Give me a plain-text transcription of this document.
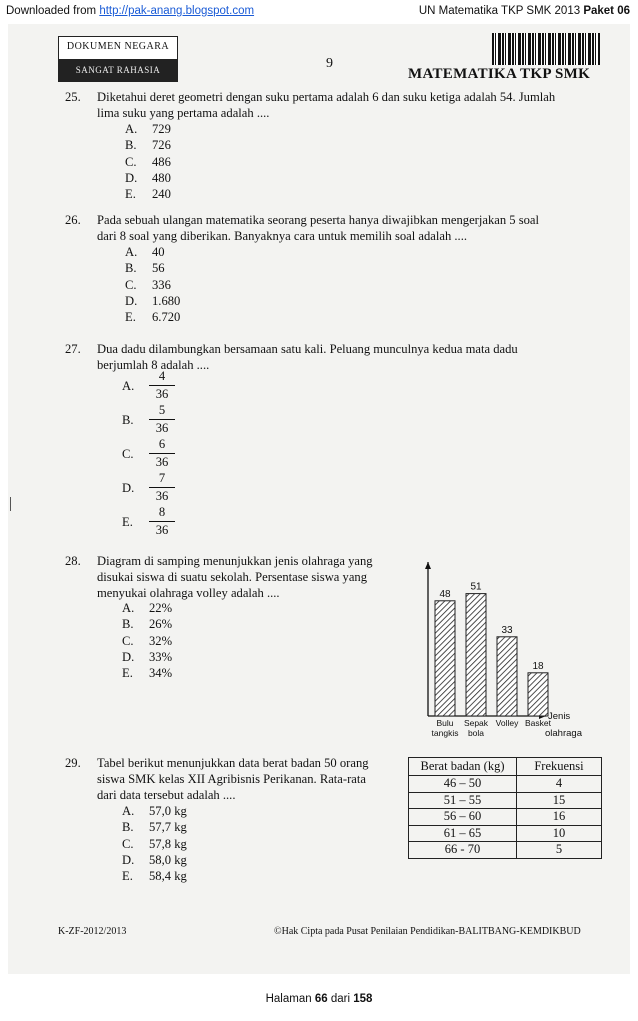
Downloaded from http://pak-anang.blogspot.com	UN Matematika TKP SMK 2013 Paket 06
DOKUMEN NEGARA
SANGAT RAHASIA	9
MATEMATIKA TKP SMK
25. Diketahui deret geometri dengan suku pertama adalah 6 dan suku ketiga adalah 54. Jumlah
lima suku yang pertama adalah ....
A. 729
B. 726
C. 486
D. 480
E. 240
26. Pada sebuah ulangan matematika seorang peserta hanya diwajibkan mengerjakan 5 soal
dari 8 soal yang diberikan. Banyaknya cara untuk memilih soal adalah ....
A. 40
B. 56
C. 336
D. 1.680
E. 6.720
27. Dua dadu dilambungkan bersamaan satu kali. Peluang munculnya kedua mata dadu
berjumlah 8 adalah ....
A.
4
36
B.
5
36
C.
6
36
D.
7
36
E.
8
36
28. Diagram di samping menunjukkan jenis olahraga yang
disukai siswa di suatu sekolah. Persentase siswa yang
menyukai olahraga volley adalah ....
A. 22%
B. 26%
C. 32%
D. 33%
E. 34%
48
Bulu
tangkis
51
Sepak
bola
33
Volley
18
Basket
Jenis
olahraga
29. Tabel berikut menunjukkan data berat badan 50 orang
siswa SMK kelas XII Agribisnis Perikanan. Rata-rata
dari data tersebut adalah ....
A. 57,0 kg
B. 57,7 kg
C. 57,8 kg
D. 58,0 kg
E. 58,4 kg
Berat badan (kg)	Frekuensi
46 – 50	4
51 – 55	15
56 – 60	16
61 – 65	10
66 - 70	5
K-ZF-2012/2013	©Hak Cipta pada Pusat Penilaian Pendidikan-BALITBANG-KEMDIKBUD
Halaman 66 dari 158
